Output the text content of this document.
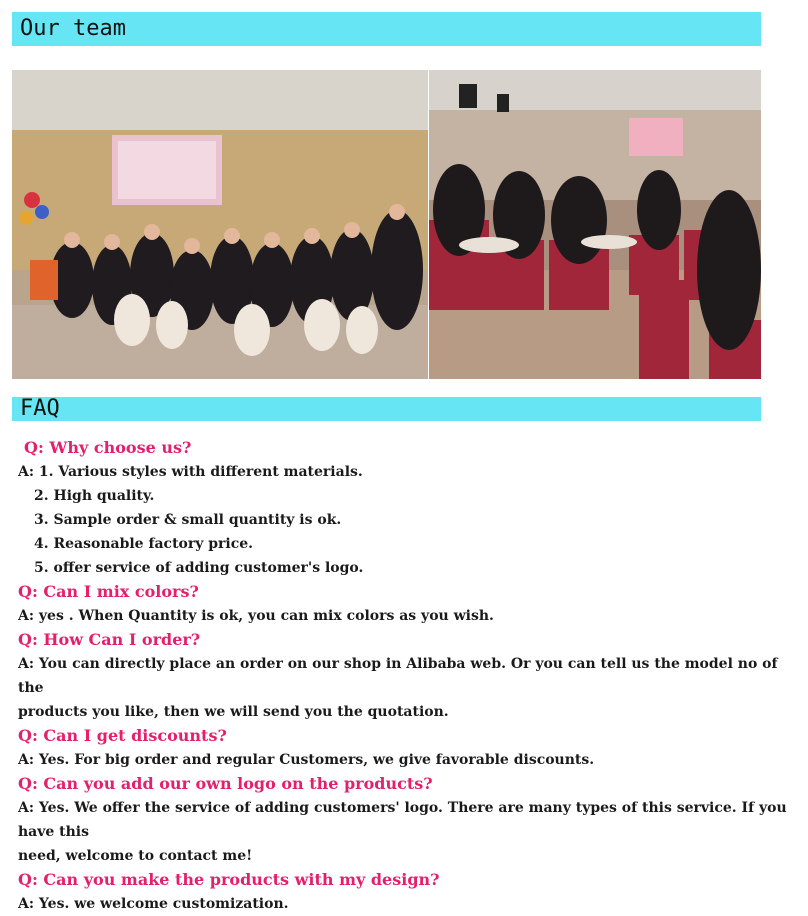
Our team
FAQ

Q: Why choose us?

A: 1. Various styles with different materials.

2. High quality.

3. Sample order & small quantity is ok.

4. Reasonable factory price.

5. offer service of adding customer's logo.

Q: Can I mix colors?

A: yes . When Quantity is ok, you can mix colors as you wish.

Q: How Can I order?

A: You can directly place an order on our shop in Alibaba web. Or you can tell us the model no of the

products you like, then we will send you the quotation.

Q: Can I get discounts?

A: Yes. For big order and regular Customers, we give favorable discounts.

Q: Can you add our own logo on the products?

A: Yes. We offer the service of adding customers' logo. There are many types of this service. If you have this

need, welcome to contact me!

Q: Can you make the products with my design?

A: Yes. we welcome customization.
